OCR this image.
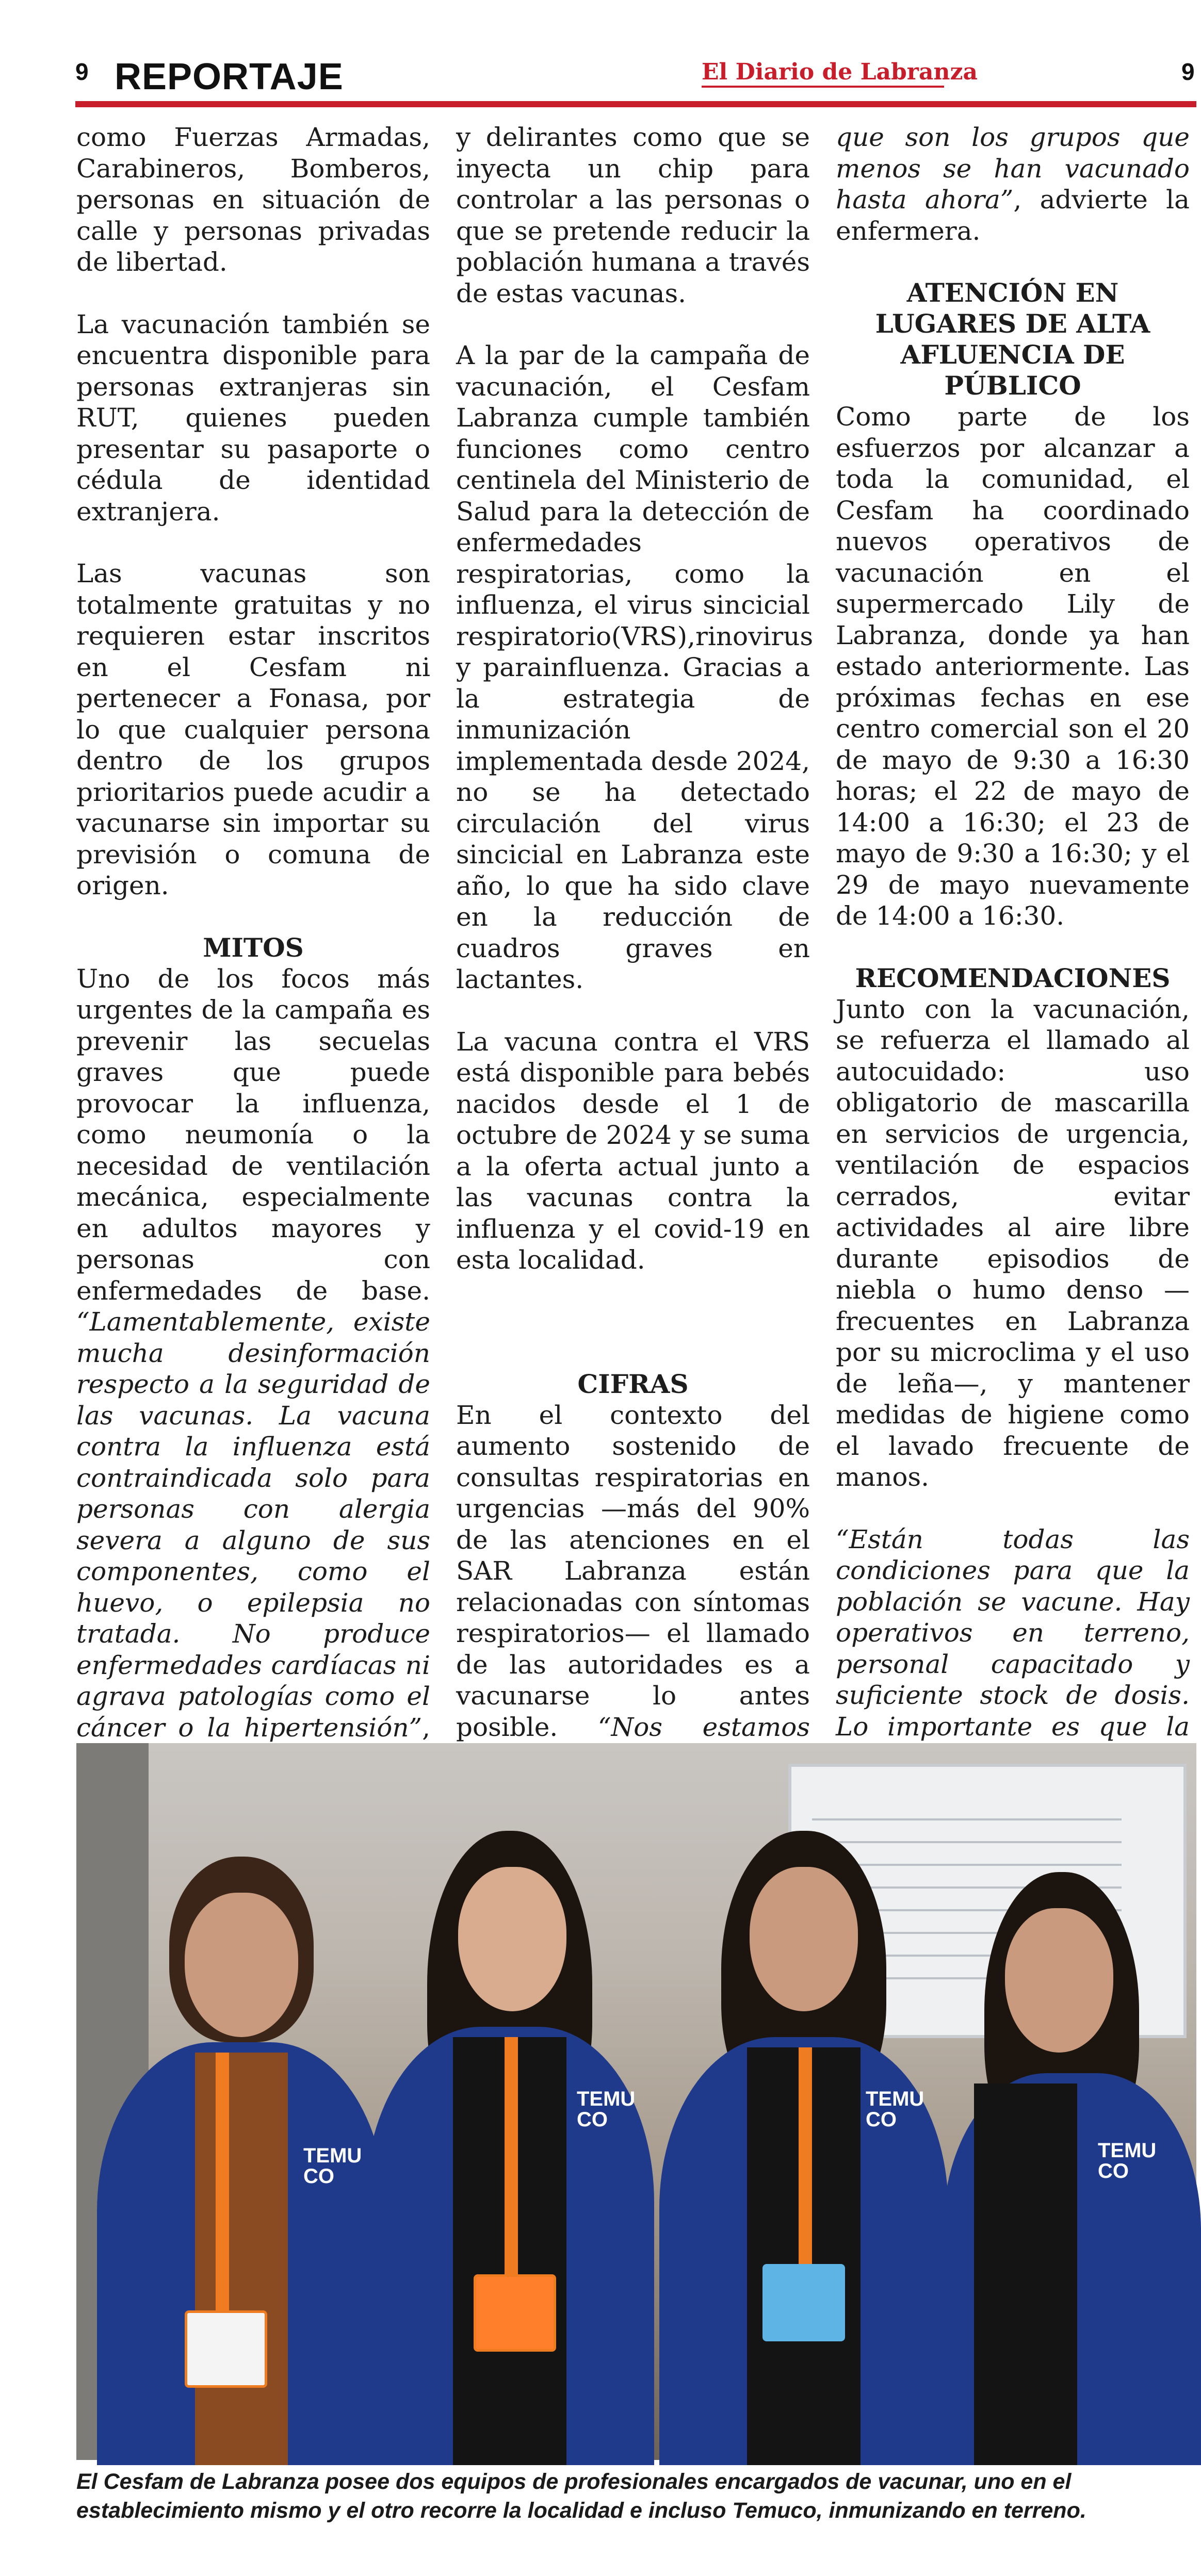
9 REPORTAJE	El Diario de Labranza	9

como Fuerzas Armadas, Carabineros, Bomberos, personas en situación de calle y personas privadas de libertad.

La vacunación también se encuentra disponible para personas extranjeras sin RUT, quienes pueden presentar su pasaporte o cédula de identidad extranjera.

Las vacunas son totalmente gratuitas y no requieren estar inscritos en el Cesfam ni pertenecer a Fonasa, por lo que cualquier persona dentro de los grupos prioritarios puede acudir a vacunarse sin importar su previsión o comuna de origen.

MITOS

Uno de los focos más urgentes de la campaña es prevenir las secuelas graves que puede provocar la influenza, como neumonía o la necesidad de ventilación mecánica, especialmente en adultos mayores y personas con enfermedades de base. “Lamentablemente, existe mucha desinformación respecto a la seguridad de las vacunas. La vacuna contra la influenza está contraindicada solo para personas con alergia severa a alguno de sus componentes, como el huevo, o epilepsia no tratada. No produce enfermedades cardíacas ni agrava patologías como el cáncer o la hipertensión”,

y delirantes como que se inyecta un chip para controlar a las personas o que se pretende reducir la población humana a través de estas vacunas.

A la par de la campaña de vacunación, el Cesfam Labranza cumple también funciones como centro centinela del Ministerio de Salud para la detección de enfermedades respiratorias, como la influenza, el virus sincicial respiratorio(VRS),rinovirus y parainfluenza. Gracias a la estrategia de inmunización implementada desde 2024, no se ha detectado circulación del virus sincicial en Labranza este año, lo que ha sido clave en la reducción de cuadros graves en lactantes.

La vacuna contra el VRS está disponible para bebés nacidos desde el 1 de octubre de 2024 y se suma a la oferta actual junto a las vacunas contra la influenza y el covid-19 en esta localidad.

CIFRAS

En el contexto del aumento sostenido de consultas respiratorias en urgencias —más del 90% de las atenciones en el SAR Labranza están relacionadas con síntomas respiratorios— el llamado de las autoridades es a vacunarse lo antes posible. “Nos estamos

que son los grupos que menos se han vacunado hasta ahora”, advierte la enfermera.

ATENCIÓN EN LUGARES DE ALTA AFLUENCIA DE PÚBLICO

Como parte de los esfuerzos por alcanzar a toda la comunidad, el Cesfam ha coordinado nuevos operativos de vacunación en el supermercado Lily de Labranza, donde ya han estado anteriormente. Las próximas fechas en ese centro comercial son el 20 de mayo de 9:30 a 16:30 horas; el 22 de mayo de 14:00 a 16:30; el 23 de mayo de 9:30 a 16:30; y el 29 de mayo nuevamente de 14:00 a 16:30.

RECOMENDACIONES

Junto con la vacunación, se refuerza el llamado al autocuidado: uso obligatorio de mascarilla en servicios de urgencia, ventilación de espacios cerrados, evitar actividades al aire libre durante episodios de niebla o humo denso —frecuentes en Labranza por su microclima y el uso de leña—, y mantener medidas de higiene como el lavado frecuente de manos.

“Están todas las condiciones para que la población se vacune. Hay operativos en terreno, personal capacitado y suficiente stock de dosis. Lo importante es que la

TEMU CO
TEMU CO
TEMU CO
TEMU CO
El Cesfam de Labranza posee dos equipos de profesionales encargados de vacunar, uno en el establecimiento mismo y el otro recorre la localidad e incluso Temuco, inmunizando en terreno.
